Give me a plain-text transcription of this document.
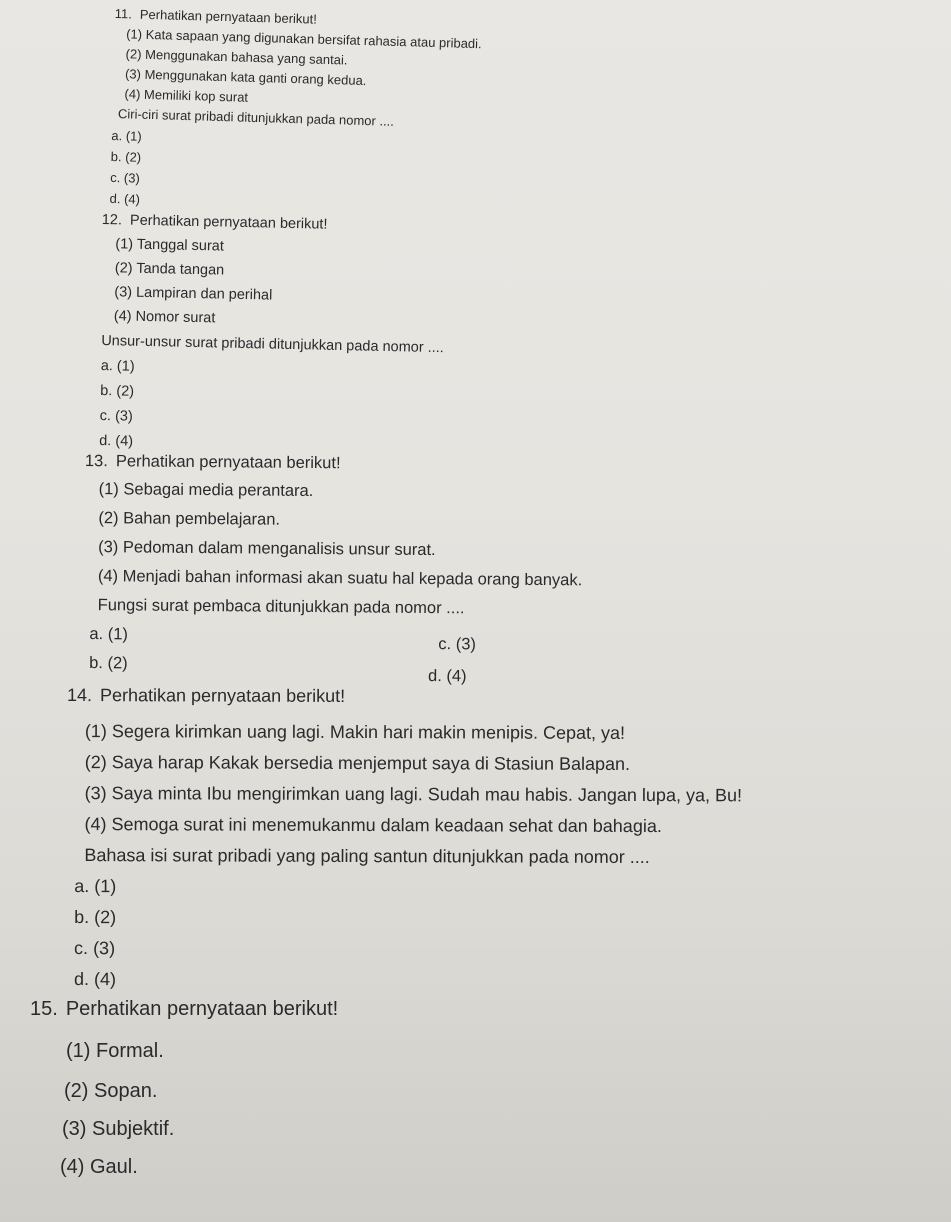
⠀
11. Perhatikan pernyataan berikut!
(1) Kata sapaan yang digunakan bersifat rahasia atau pribadi.
(2) Menggunakan bahasa yang santai.
(3) Menggunakan kata ganti orang kedua.
(4) Memiliki kop surat
Ciri-ciri surat pribadi ditunjukkan pada nomor ....
a. (1)
b. (2)
c. (3)
d. (4)
12. Perhatikan pernyataan berikut!
(1) Tanggal surat
(2) Tanda tangan
(3) Lampiran dan perihal
(4) Nomor surat
Unsur-unsur surat pribadi ditunjukkan pada nomor ....
a. (1)
b. (2)
c. (3)
d. (4)
13. Perhatikan pernyataan berikut!
(1) Sebagai media perantara.
(2) Bahan pembelajaran.
(3) Pedoman dalam menganalisis unsur surat.
(4) Menjadi bahan informasi akan suatu hal kepada orang banyak.
Fungsi surat pembaca ditunjukkan pada nomor ....
a. (1)
b. (2)
c. (3)
d. (4)
14. Perhatikan pernyataan berikut!
(1) Segera kirimkan uang lagi. Makin hari makin menipis. Cepat, ya!
(2) Saya harap Kakak bersedia menjemput saya di Stasiun Balapan.
(3) Saya minta Ibu mengirimkan uang lagi. Sudah mau habis. Jangan lupa, ya, Bu!
(4) Semoga surat ini menemukanmu dalam keadaan sehat dan bahagia.
Bahasa isi surat pribadi yang paling santun ditunjukkan pada nomor ....
a. (1)
b. (2)
c. (3)
d. (4)
15. Perhatikan pernyataan berikut!
(1) Formal.
(2) Sopan.
(3) Subjektif.
(4) Gaul.
